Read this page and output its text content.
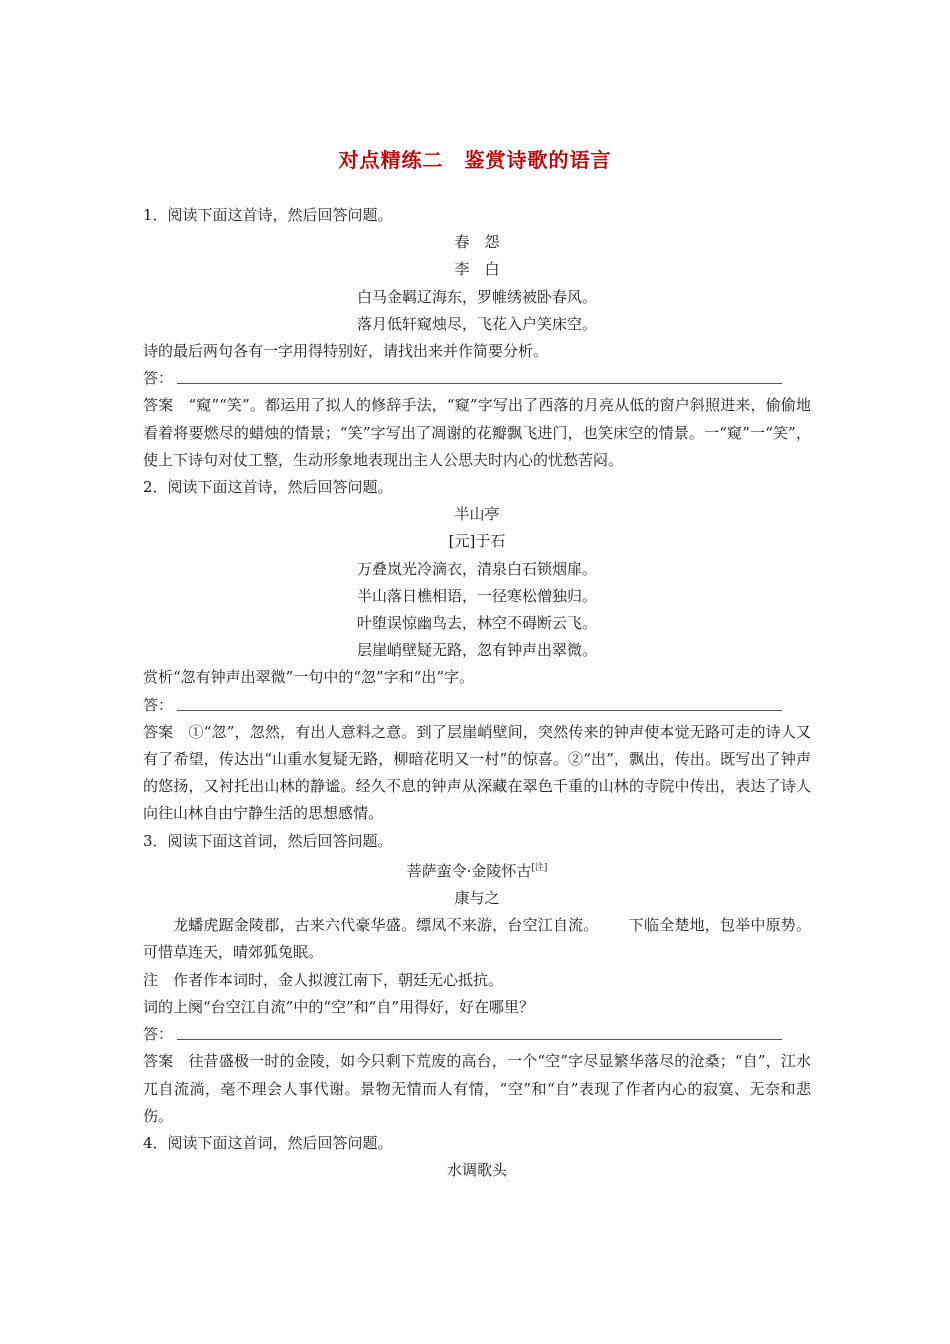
对点精练二　鉴赏诗歌的语言
1．阅读下面这首诗，然后回答问题。
春　怨
李　白
白马金羁辽海东，罗帷绣被卧春风。
落月低轩窥烛尽，飞花入户笑床空。
诗的最后两句各有一字用得特别好，请找出来并作简要分析。
答：
答案　“窥”“笑”。都运用了拟人的修辞手法，“窥”字写出了西落的月亮从低的窗户斜照进来，偷偷地看着将要燃尽的蜡烛的情景；“笑”字写出了凋谢的花瓣飘飞进门，也笑床空的情景。一“窥”一“笑”，使上下诗句对仗工整，生动形象地表现出主人公思夫时内心的忧愁苦闷。
2．阅读下面这首诗，然后回答问题。
半山亭
[元]于石
万叠岚光冷滴衣，清泉白石锁烟扉。
半山落日樵相语，一径寒松僧独归。
叶堕误惊幽鸟去，林空不碍断云飞。
层崖峭壁疑无路，忽有钟声出翠微。
赏析“忽有钟声出翠微”一句中的“忽”字和“出”字。
答：
答案　①“忽”，忽然，有出人意料之意。到了层崖峭壁间，突然传来的钟声使本觉无路可走的诗人又有了希望，传达出“山重水复疑无路，柳暗花明又一村”的惊喜。②“出”，飘出，传出。既写出了钟声的悠扬，又衬托出山林的静谧。经久不息的钟声从深藏在翠色千重的山林的寺院中传出，表达了诗人向往山林自由宁静生活的思想感情。
3．阅读下面这首词，然后回答问题。
菩萨蛮令·金陵怀古[注]
康与之
龙蟠虎踞金陵郡，古来六代豪华盛。缥凤不来游，台空江自流。 下临全楚地，包举中原势。可惜草连天，晴郊狐兔眠。
注　作者作本词时，金人拟渡江南下，朝廷无心抵抗。
词的上阕“台空江自流”中的“空”和“自”用得好，好在哪里？
答：
答案　往昔盛极一时的金陵，如今只剩下荒废的高台，一个“空”字尽显繁华落尽的沧桑；“自”，江水兀自流淌，毫不理会人事代谢。景物无情而人有情，“空”和“自”表现了作者内心的寂寞、无奈和悲伤。
4．阅读下面这首词，然后回答问题。
水调歌头
